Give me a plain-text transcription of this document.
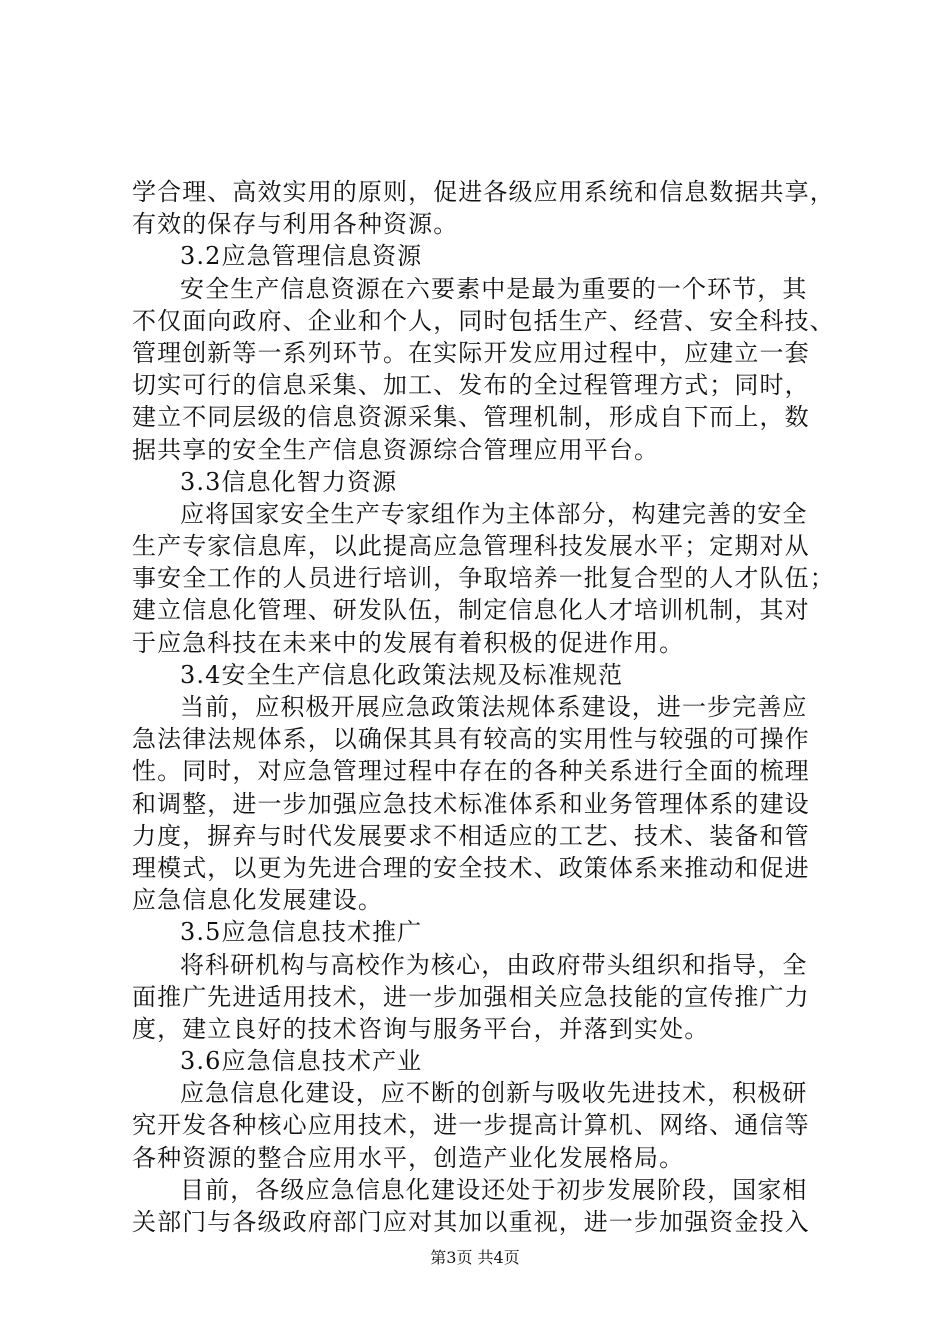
学合理、高效实用的原则，促进各级应用系统和信息数据共享，
有效的保存与利用各种资源。
3.2应急管理信息资源
安全生产信息资源在六要素中是最为重要的一个环节，其
不仅面向政府、企业和个人，同时包括生产、经营、安全科技、
管理创新等一系列环节。在实际开发应用过程中，应建立一套
切实可行的信息采集、加工、发布的全过程管理方式；同时，
建立不同层级的信息资源采集、管理机制，形成自下而上，数
据共享的安全生产信息资源综合管理应用平台。
3.3信息化智力资源
应将国家安全生产专家组作为主体部分，构建完善的安全
生产专家信息库，以此提高应急管理科技发展水平；定期对从
事安全工作的人员进行培训，争取培养一批复合型的人才队伍；
建立信息化管理、研发队伍，制定信息化人才培训机制，其对
于应急科技在未来中的发展有着积极的促进作用。
3.4安全生产信息化政策法规及标准规范
当前，应积极开展应急政策法规体系建设，进一步完善应
急法律法规体系，以确保其具有较高的实用性与较强的可操作
性。同时，对应急管理过程中存在的各种关系进行全面的梳理
和调整，进一步加强应急技术标准体系和业务管理体系的建设
力度，摒弃与时代发展要求不相适应的工艺、技术、装备和管
理模式，以更为先进合理的安全技术、政策体系来推动和促进
应急信息化发展建设。
3.5应急信息技术推广
将科研机构与高校作为核心，由政府带头组织和指导，全
面推广先进适用技术，进一步加强相关应急技能的宣传推广力
度，建立良好的技术咨询与服务平台，并落到实处。
3.6应急信息技术产业
应急信息化建设，应不断的创新与吸收先进技术，积极研
究开发各种核心应用技术，进一步提高计算机、网络、通信等
各种资源的整合应用水平，创造产业化发展格局。
目前，各级应急信息化建设还处于初步发展阶段，国家相
关部门与各级政府部门应对其加以重视，进一步加强资金投入
第3页 共4页
